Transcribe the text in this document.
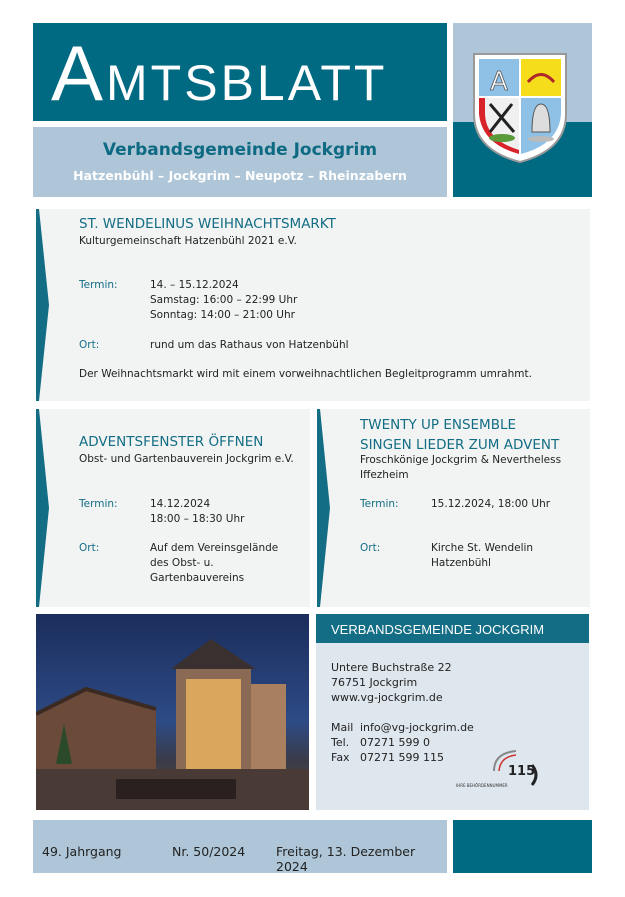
AMTSBLATT
Verbandsgemeinde Jockgrim
Hatzenbühl – Jockgrim – Neupotz – Rheinzabern
A
ST. WENDELINUS WEIHNACHTSMARKT
Kulturgemeinschaft Hatzenbühl 2021 e.V.
Termin:	14. – 15.12.2024
Samstag: 16:00 – 22:99 Uhr
Sonntag: 14:00 – 21:00 Uhr
Ort:	rund um das Rathaus von Hatzenbühl
Der Weihnachtsmarkt wird mit einem vorweihnachtlichen Begleitprogramm umrahmt.
ADVENTSFENSTER ÖFFNEN
Obst- und Gartenbauverein Jockgrim e.V.
Termin:	14.12.2024
18:00 – 18:30 Uhr
Ort:	Auf dem Vereinsgelände
des Obst- u.
Gartenbauvereins
TWENTY UP ENSEMBLE
SINGEN LIEDER ZUM ADVENT
Froschkönige Jockgrim & Nevertheless
Iffezheim
Termin:	15.12.2024, 18:00 Uhr
Ort:	Kirche St. Wendelin
Hatzenbühl
VERBANDSGEMEINDE JOCKGRIM
Untere Buchstraße 22
76751 Jockgrim
www.vg-jockgrim.de
Mail info@vg-jockgrim.de
Tel. 07271 599 0
Fax 07271 599 115
115
IHRE BEHÖRDENNUMMER
49. Jahrgang	Nr. 50/2024 Freitag, 13. Dezember 2024
